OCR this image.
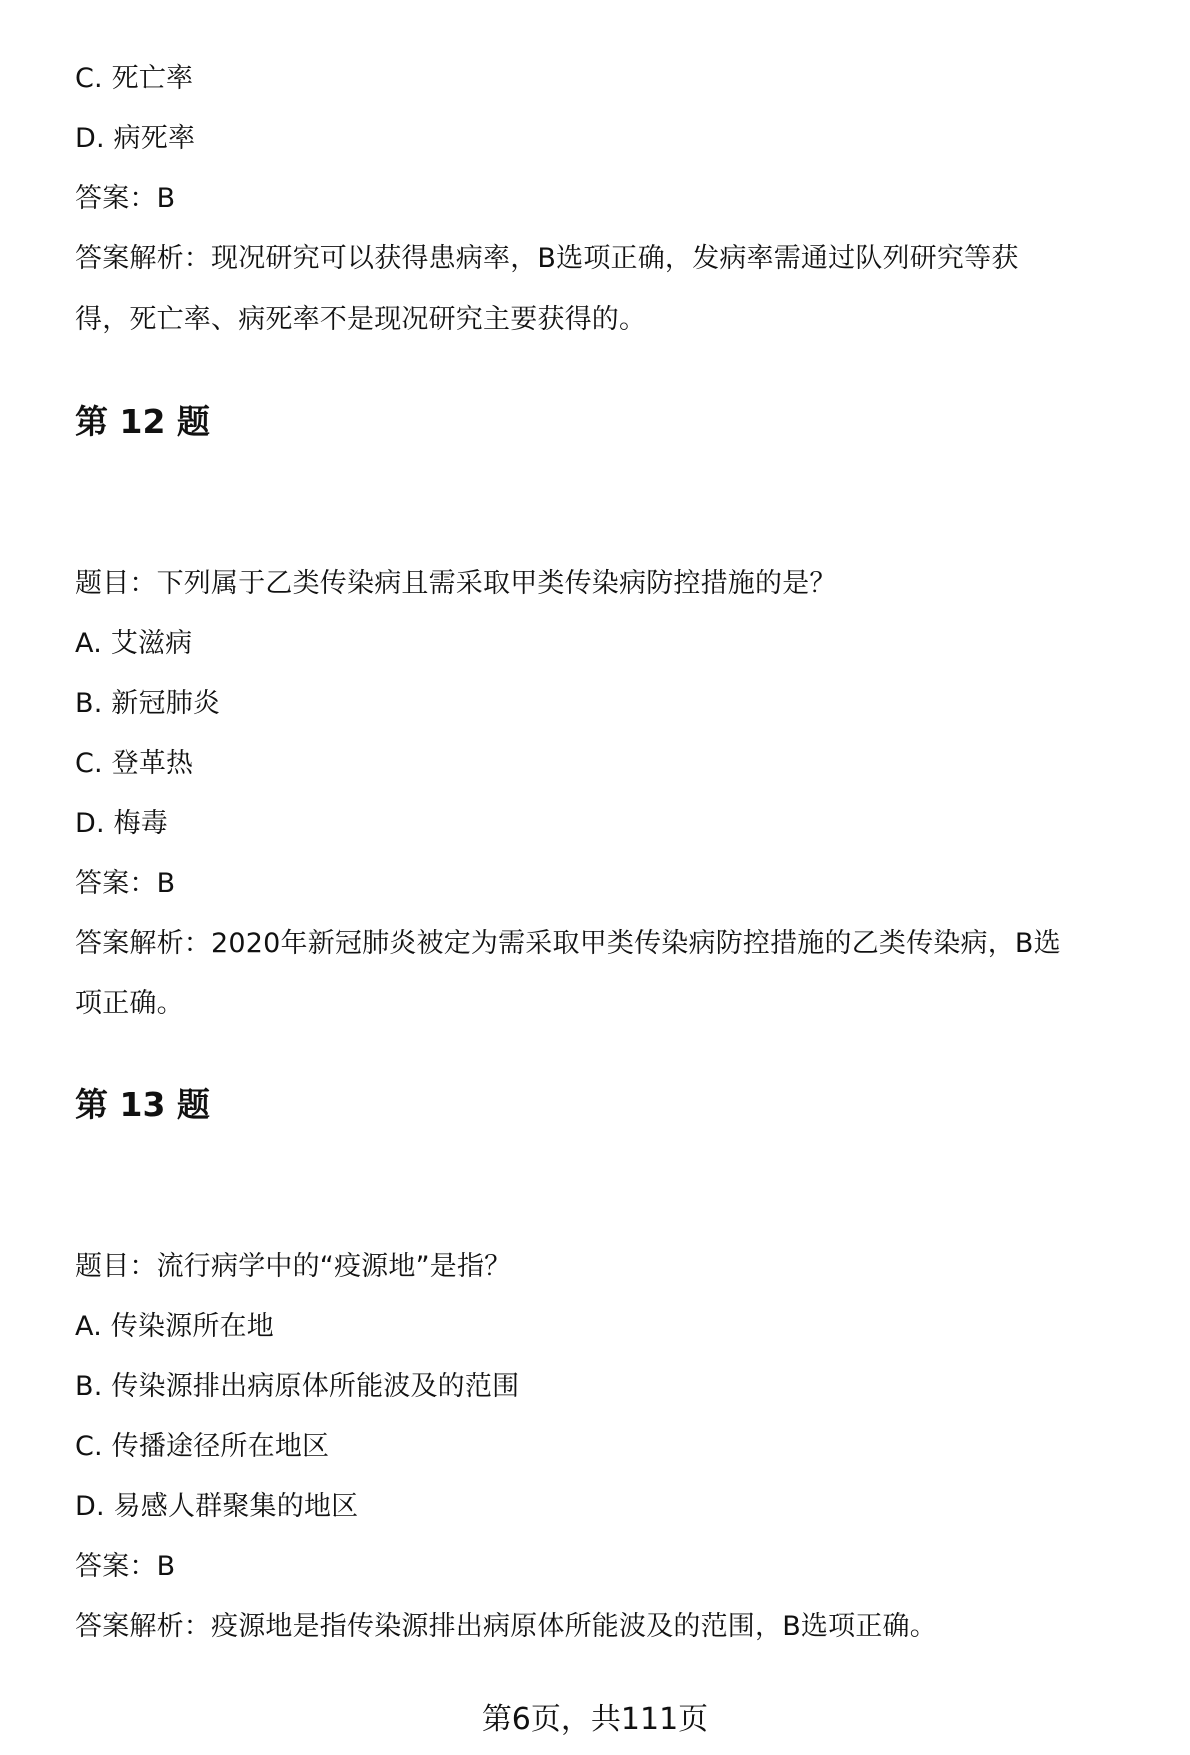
C. 死亡率
D. 病死率
答案：B
答案解析：现况研究可以获得患病率，B选项正确，发病率需通过队列研究等获
得，死亡率、病死率不是现况研究主要获得的。
第 12 题
题目：下列属于乙类传染病且需采取甲类传染病防控措施的是？
A. 艾滋病
B. 新冠肺炎
C. 登革热
D. 梅毒
答案：B
答案解析：2020年新冠肺炎被定为需采取甲类传染病防控措施的乙类传染病，B选
项正确。
第 13 题
题目：流行病学中的“疫源地”是指？
A. 传染源所在地
B. 传染源排出病原体所能波及的范围
C. 传播途径所在地区
D. 易感人群聚集的地区
答案：B
答案解析：疫源地是指传染源排出病原体所能波及的范围，B选项正确。
第6页，共111页
